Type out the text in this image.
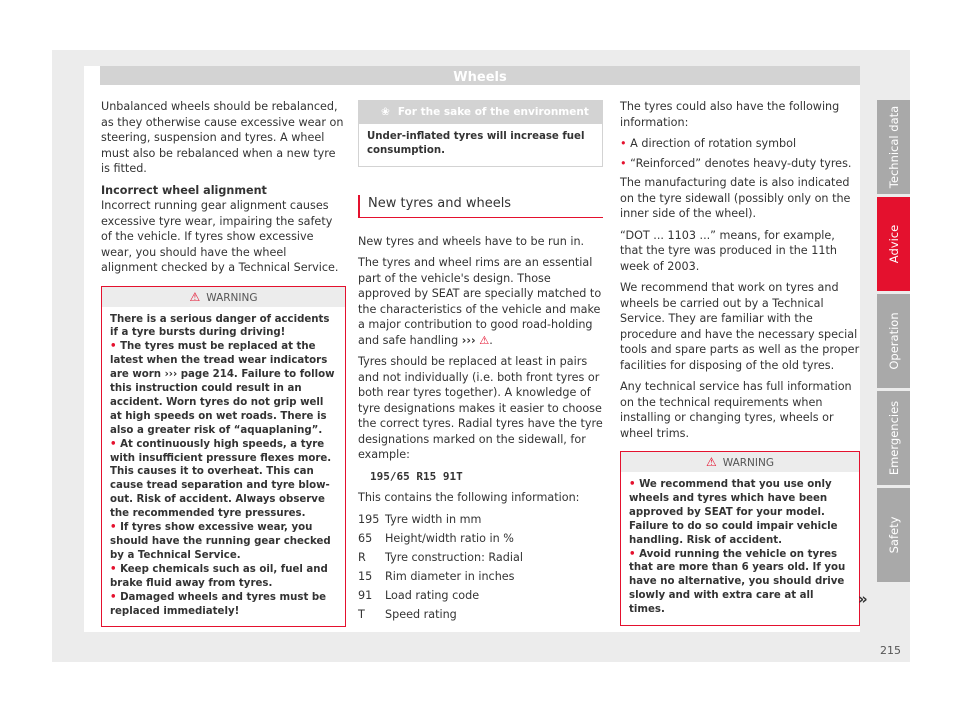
Wheels
Technical data
Advice
Operation
Emergencies
Safety

Unbalanced wheels should be rebalanced, as they otherwise cause excessive wear on steering, suspension and tyres. A wheel must also be rebalanced when a new tyre is fitted.

Incorrect wheel alignment

Incorrect running gear alignment causes excessive tyre wear, impairing the safety of the vehicle. If tyres show excessive wear, you should have the wheel alignment checked by a Technical Service.

⚠ WARNING
There is a serious danger of accidents if a tyre bursts during driving!
• The tyres must be replaced at the latest when the tread wear indicators are worn ››› page 214. Failure to follow this instruction could result in an accident. Worn tyres do not grip well at high speeds on wet roads. There is also a greater risk of “aquaplaning”.
• At continuously high speeds, a tyre with insufficient pressure flexes more. This causes it to overheat. This can cause tread separation and tyre blow-out. Risk of accident. Always observe the recommended tyre pressures.
• If tyres show excessive wear, you should have the running gear checked by a Technical Service.
• Keep chemicals such as oil, fuel and brake fluid away from tyres.
• Damaged wheels and tyres must be replaced immediately!
❀ For the sake of the environment
Under-inflated tyres will increase fuel consumption.
New tyres and wheels

New tyres and wheels have to be run in.

The tyres and wheel rims are an essential part of the vehicle's design. Those approved by SEAT are specially matched to the characteristics of the vehicle and make a major contribution to good road-holding and safe handling ››› ⚠.

Tyres should be replaced at least in pairs and not individually (i.e. both front tyres or both rear tyres together). A knowledge of tyre designations makes it easier to choose the correct tyres. Radial tyres have the tyre designations marked on the sidewall, for example:

195/65 R15 91T

This contains the following information:

195 Tyre width in mm
65	Height/width ratio in %
R	Tyre construction: Radial
15	Rim diameter in inches
91	Load rating code
T	Speed rating

The tyres could also have the following information:

• A direction of rotation symbol

• “Reinforced” denotes heavy-duty tyres.

The manufacturing date is also indicated on the tyre sidewall (possibly only on the inner side of the wheel).

“DOT ... 1103 ...” means, for example, that the tyre was produced in the 11th week of 2003.

We recommend that work on tyres and wheels be carried out by a Technical Service. They are familiar with the procedure and have the necessary special tools and spare parts as well as the proper facilities for disposing of the old tyres.

Any technical service has full information on the technical requirements when installing or changing tyres, wheels or wheel trims.

⚠ WARNING
• We recommend that you use only wheels and tyres which have been approved by SEAT for your model. Failure to do so could impair vehicle handling. Risk of accident.
• Avoid running the vehicle on tyres that are more than 6 years old. If you have no alternative, you should drive slowly and with extra care at all times.
»
215
